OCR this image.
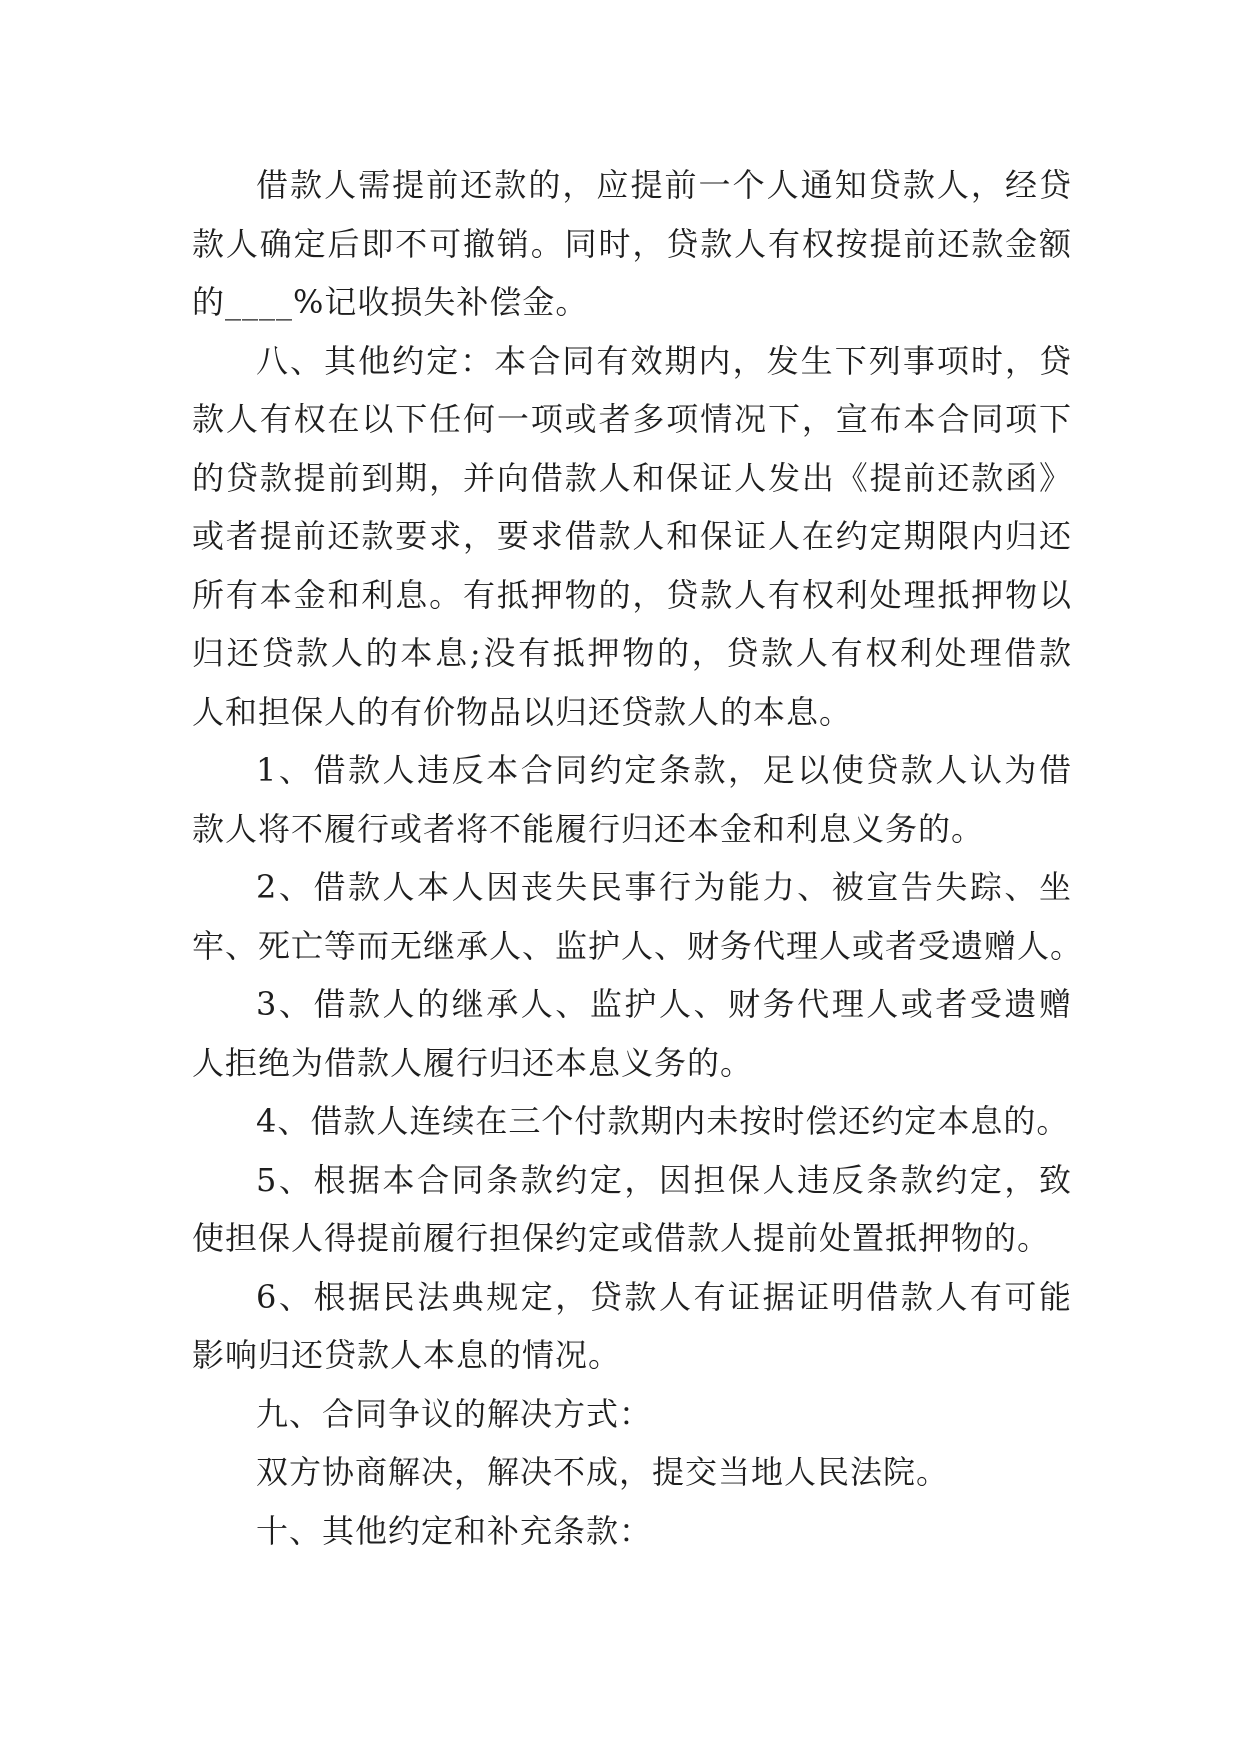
借款人需提前还款的，应提前一个人通知贷款人，经贷
款人确定后即不可撤销。同时，贷款人有权按提前还款金额
的____%记收损失补偿金。
八、其他约定：本合同有效期内，发生下列事项时，贷
款人有权在以下任何一项或者多项情况下，宣布本合同项下
的贷款提前到期，并向借款人和保证人发出《提前还款函》
或者提前还款要求，要求借款人和保证人在约定期限内归还
所有本金和利息。有抵押物的，贷款人有权利处理抵押物以
归还贷款人的本息;没有抵押物的，贷款人有权利处理借款
人和担保人的有价物品以归还贷款人的本息。
1、借款人违反本合同约定条款，足以使贷款人认为借
款人将不履行或者将不能履行归还本金和利息义务的。
2、借款人本人因丧失民事行为能力、被宣告失踪、坐
牢、死亡等而无继承人、监护人、财务代理人或者受遗赠人。
3、借款人的继承人、监护人、财务代理人或者受遗赠
人拒绝为借款人履行归还本息义务的。
4、借款人连续在三个付款期内未按时偿还约定本息的。
5、根据本合同条款约定，因担保人违反条款约定，致
使担保人得提前履行担保约定或借款人提前处置抵押物的。
6、根据民法典规定，贷款人有证据证明借款人有可能
影响归还贷款人本息的情况。
九、合同争议的解决方式：
双方协商解决，解决不成，提交当地人民法院。
十、其他约定和补充条款：
